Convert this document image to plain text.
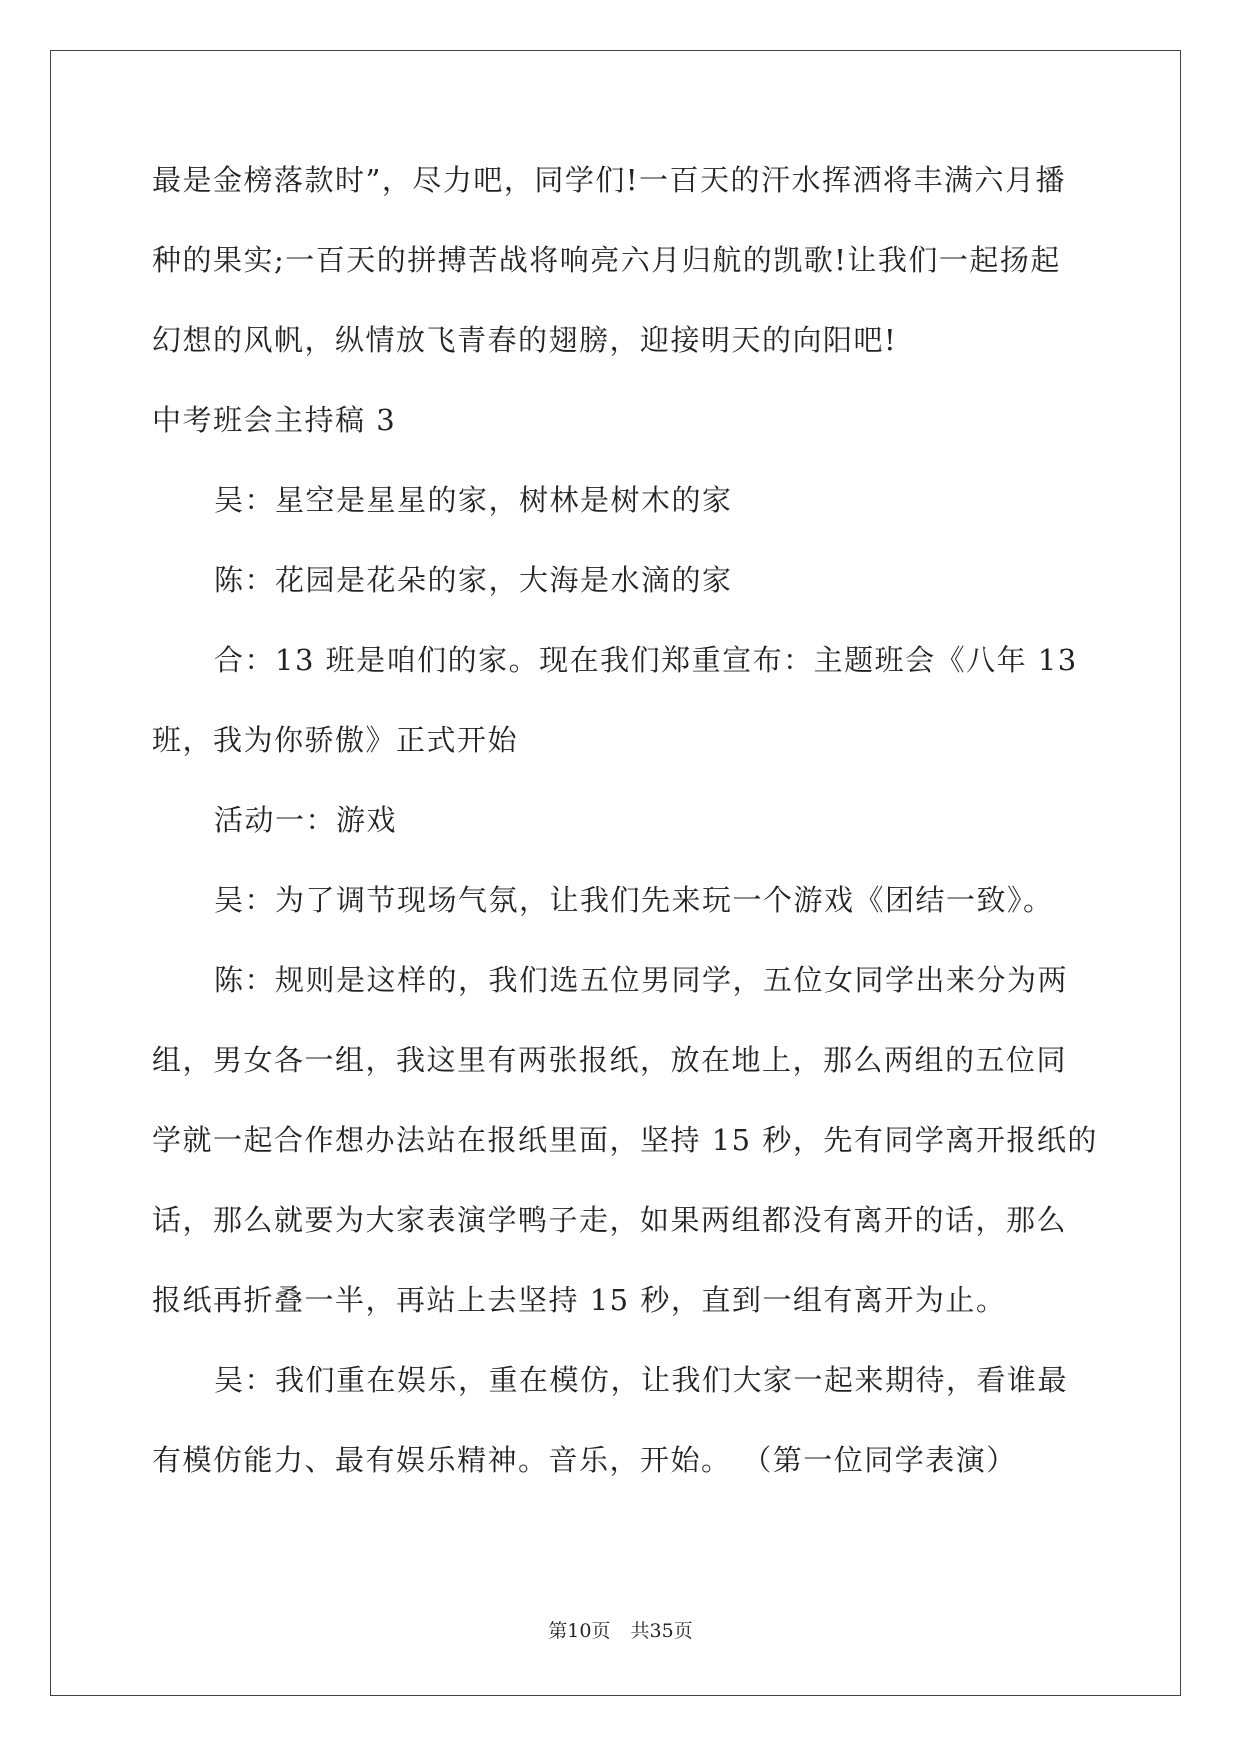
最是金榜落款时”，尽力吧，同学们!一百天的汗水挥洒将丰满六月播
种的果实;一百天的拼搏苦战将响亮六月归航的凯歌!让我们一起扬起
幻想的风帆，纵情放飞青春的翅膀，迎接明天的向阳吧!
中考班会主持稿 3
吴：星空是星星的家，树林是树木的家
陈：花园是花朵的家，大海是水滴的家
合：13 班是咱们的家。现在我们郑重宣布：主题班会《八年 13
班，我为你骄傲》正式开始
活动一：游戏
吴：为了调节现场气氛，让我们先来玩一个游戏《团结一致》。
陈：规则是这样的，我们选五位男同学，五位女同学出来分为两
组，男女各一组，我这里有两张报纸，放在地上，那么两组的五位同
学就一起合作想办法站在报纸里面，坚持 15 秒，先有同学离开报纸的
话，那么就要为大家表演学鸭子走，如果两组都没有离开的话，那么
报纸再折叠一半，再站上去坚持 15 秒，直到一组有离开为止。
吴：我们重在娱乐，重在模仿，让我们大家一起来期待，看谁最
有模仿能力、最有娱乐精神。音乐，开始。 （第一位同学表演）
第10页 共35页
